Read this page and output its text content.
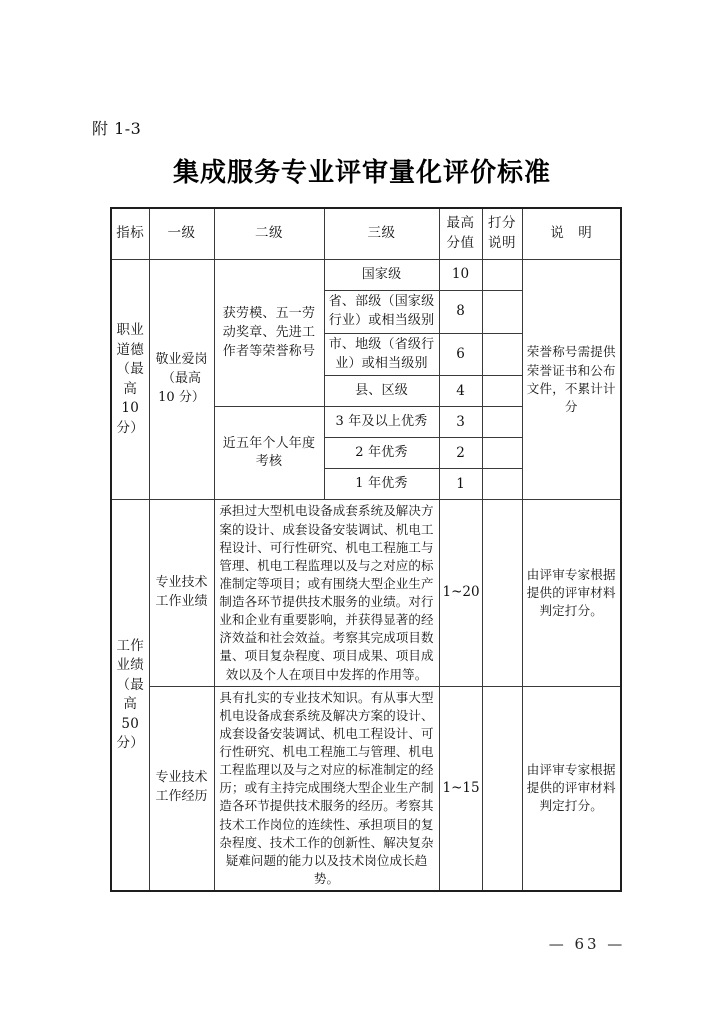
附 1-3
集成服务专业评审量化评价标准
指标	一级	二级	三级	最高分值	打分说明	说　明
职业道德（最高 10 分）	敬业爱岗（最高 10 分）	获劳模、五一劳动奖章、先进工作者等荣誉称号	国家级	10		荣誉称号需提供荣誉证书和公布文件，不累计计分
			省、部级（国家级行业）或相当级别	8		
			市、地级（省级行业）或相当级别	6		
			县、区级	4		
		近五年个人年度考核	3 年及以上优秀	3		
			2 年优秀	2		
			1 年优秀	1		
工作业绩（最高 50 分）	专业技术工作业绩	承担过大型机电设备成套系统及解决方案的设计、成套设备安装调试、机电工程设计、可行性研究、机电工程施工与管理、机电工程监理以及与之对应的标准制定等项目；或有围绕大型企业生产制造各环节提供技术服务的业绩。对行业和企业有重要影响，并获得显著的经济效益和社会效益。考察其完成项目数量、项目复杂程度、项目成果、项目成效以及个人在项目中发挥的作用等。		1~20		由评审专家根据提供的评审材料判定打分。
	专业技术工作经历	具有扎实的专业技术知识。有从事大型机电设备成套系统及解决方案的设计、成套设备安装调试、机电工程设计、可行性研究、机电工程施工与管理、机电工程监理以及与之对应的标准制定的经历；或有主持完成围绕大型企业生产制造各环节提供技术服务的经历。考察其技术工作岗位的连续性、承担项目的复杂程度、技术工作的创新性、解决复杂疑难问题的能力以及技术岗位成长趋势。		1~15		由评审专家根据提供的评审材料判定打分。
— 63 —
